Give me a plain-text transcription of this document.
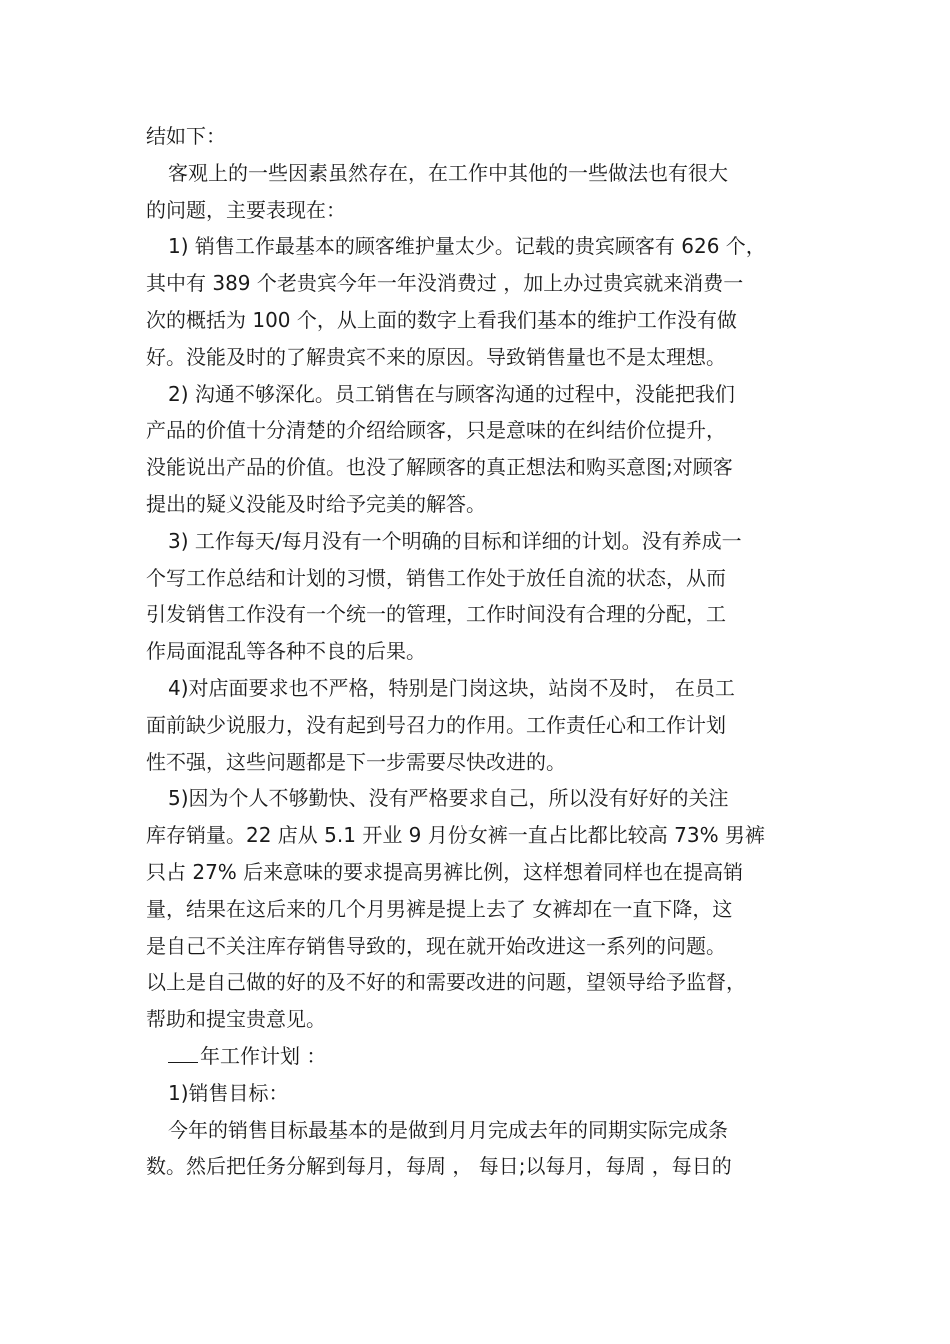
结如下：
客观上的一些因素虽然存在，在工作中其他的一些做法也有很大
的问题，主要表现在：
1) 销售工作最基本的顾客维护量太少。记载的贵宾顾客有 626 个，
其中有 389 个老贵宾今年一年没消费过 ，加上办过贵宾就来消费一
次的概括为 100 个，从上面的数字上看我们基本的维护工作没有做
好。没能及时的了解贵宾不来的原因。导致销售量也不是太理想。
2) 沟通不够深化。员工销售在与顾客沟通的过程中，没能把我们
产品的价值十分清楚的介绍给顾客，只是意味的在纠结价位提升，
没能说出产品的价值。也没了解顾客的真正想法和购买意图;对顾客
提出的疑义没能及时给予完美的解答。
3) 工作每天/每月没有一个明确的目标和详细的计划。没有养成一
个写工作总结和计划的习惯，销售工作处于放任自流的状态，从而
引发销售工作没有一个统一的管理，工作时间没有合理的分配，工
作局面混乱等各种不良的后果。
4)对店面要求也不严格，特别是门岗这块，站岗不及时， 在员工
面前缺少说服力，没有起到号召力的作用。工作责任心和工作计划
性不强，这些问题都是下一步需要尽快改进的。
5)因为个人不够勤快、没有严格要求自己，所以没有好好的关注
库存销量。22 店从 5.1 开业 9 月份女裤一直占比都比较高 73% 男裤
只占 27% 后来意味的要求提高男裤比例，这样想着同样也在提高销
量，结果在这后来的几个月男裤是提上去了 女裤却在一直下降，这
是自己不关注库存销售导致的，现在就开始改进这一系列的问题。
以上是自己做的好的及不好的和需要改进的问题，望领导给予监督，
帮助和提宝贵意见。
年工作计划 ：
1)销售目标：
今年的销售目标最基本的是做到月月完成去年的同期实际完成条
数。然后把任务分解到每月，每周 ， 每日;以每月，每周 ，每日的
